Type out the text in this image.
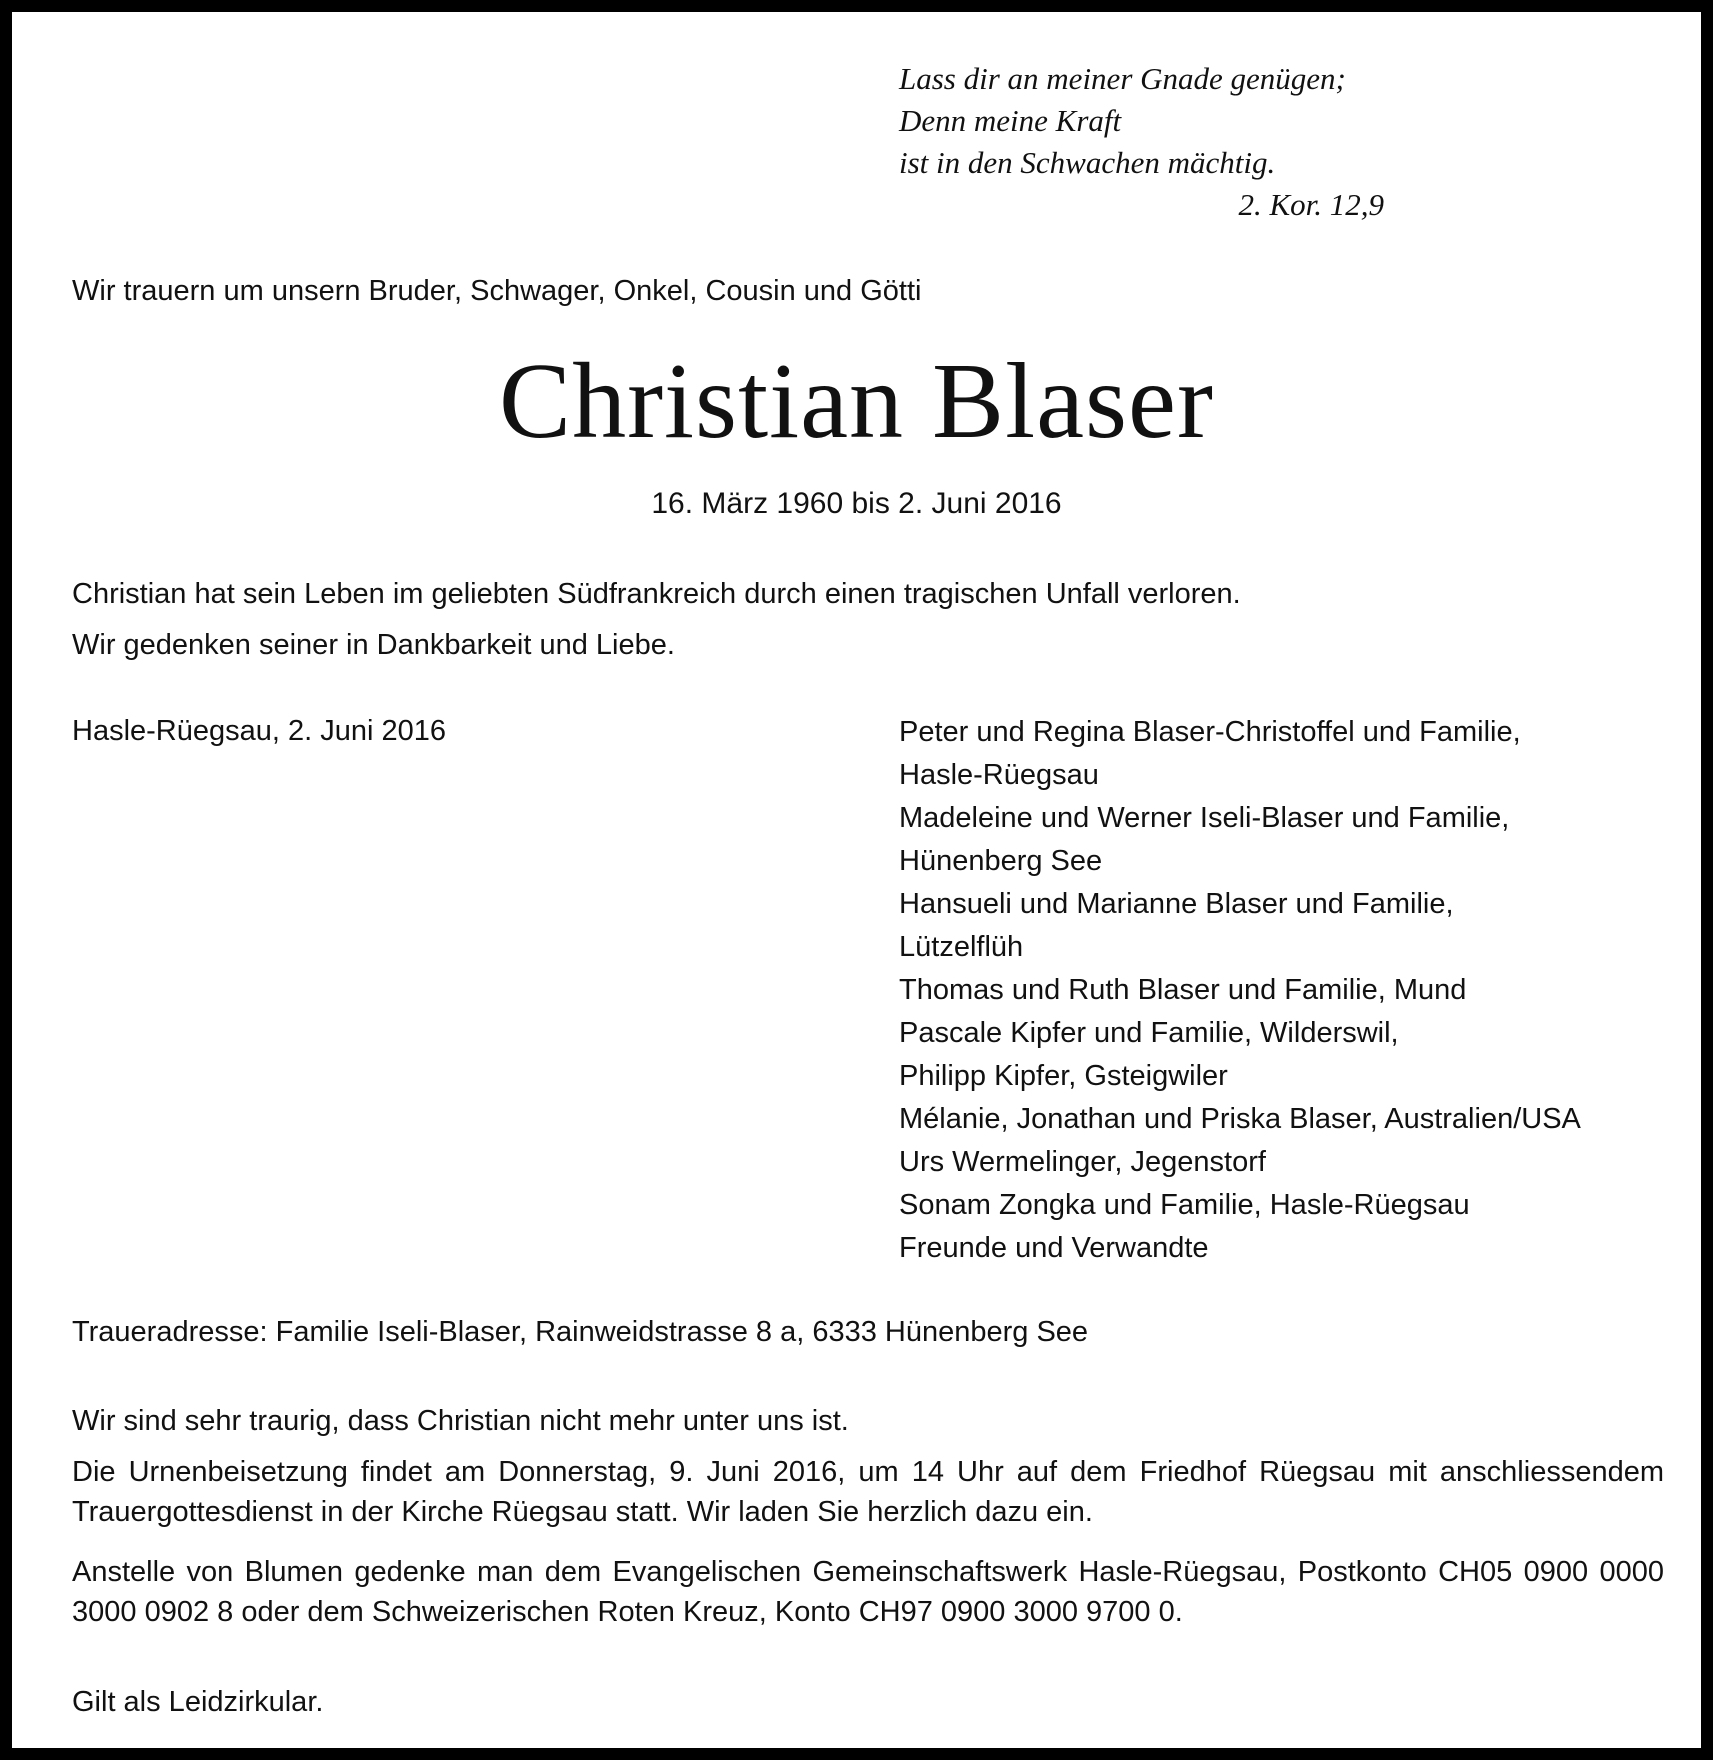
Lass dir an meiner Gnade genügen;
Denn meine Kraft
ist in den Schwachen mächtig.
2. Kor. 12,9
Wir trauern um unsern Bruder, Schwager, Onkel, Cousin und Götti
Christian Blaser
16. März 1960 bis 2. Juni 2016
Christian hat sein Leben im geliebten Südfrankreich durch einen tragischen Unfall verloren.
Wir gedenken seiner in Dankbarkeit und Liebe.
Hasle-Rüegsau, 2. Juni 2016	Peter und Regina Blaser-Christoffel und Familie,
Hasle-Rüegsau
Madeleine und Werner Iseli-Blaser und Familie,
Hünenberg See
Hansueli und Marianne Blaser und Familie,
Lützelflüh
Thomas und Ruth Blaser und Familie, Mund
Pascale Kipfer und Familie, Wilderswil,
Philipp Kipfer, Gsteigwiler
Mélanie, Jonathan und Priska Blaser, Australien/USA
Urs Wermelinger, Jegenstorf
Sonam Zongka und Familie, Hasle-Rüegsau
Freunde und Verwandte
Traueradresse: Familie Iseli-Blaser, Rainweidstrasse 8 a, 6333 Hünenberg See
Wir sind sehr traurig, dass Christian nicht mehr unter uns ist.
Die Urnenbeisetzung findet am Donnerstag, 9. Juni 2016, um 14 Uhr auf dem Friedhof Rüegsau mit anschliessendem Trauergottesdienst in der Kirche Rüegsau statt. Wir laden Sie herzlich dazu ein.
Anstelle von Blumen gedenke man dem Evangelischen Gemeinschaftswerk Hasle-Rüegsau, Postkonto CH05 0900 0000 3000 0902 8 oder dem Schweizerischen Roten Kreuz, Konto CH97 0900 3000 9700 0.
Gilt als Leidzirkular.
